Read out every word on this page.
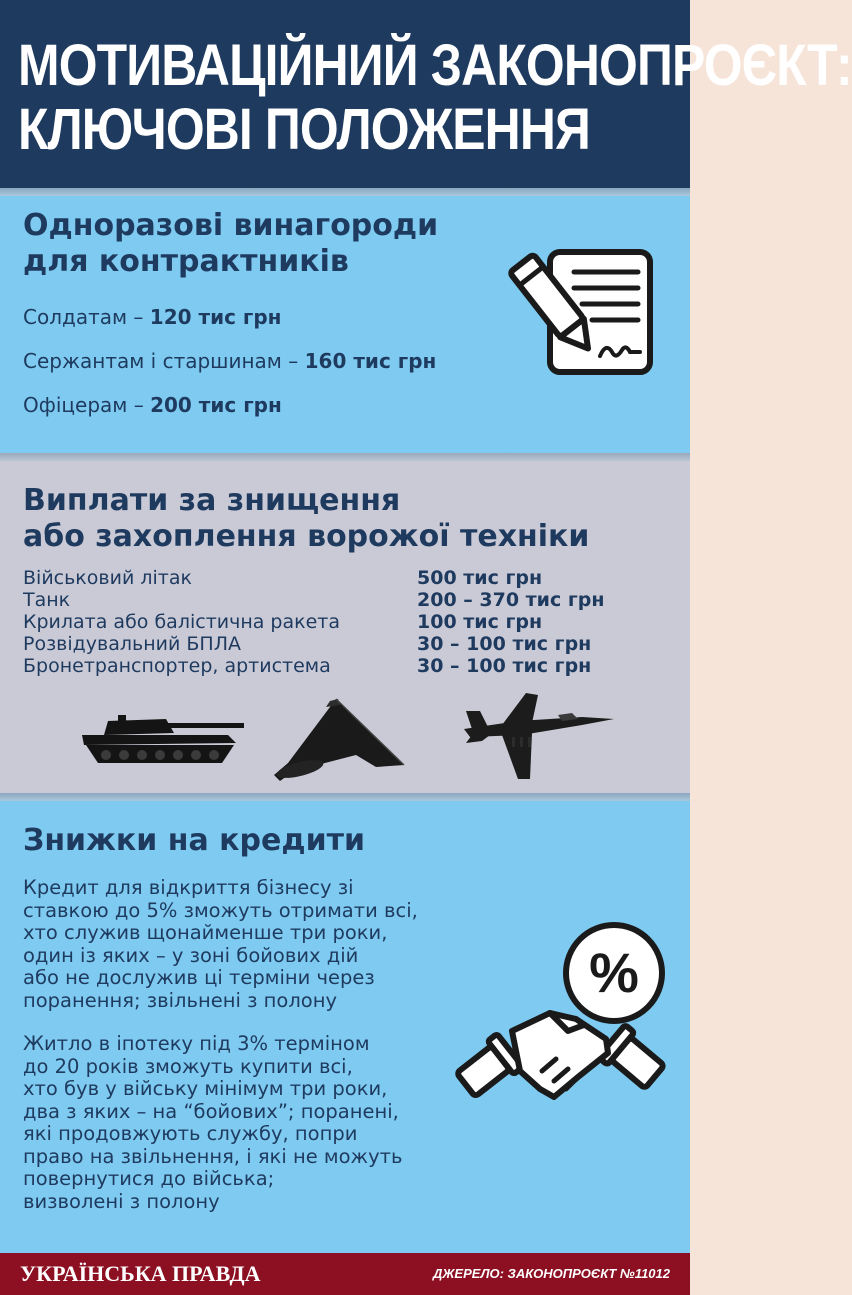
МОТИВАЦІЙНИЙ ЗАКОНОПРОЄКТ:
КЛЮЧОВІ ПОЛОЖЕННЯ
Одноразові винагороди
для контрактників
Солдатам – 120 тис грн
Сержантам і старшинам – 160 тис грн
Офіцерам – 200 тис грн
Виплати за знищення
або захоплення ворожої техніки
Військовий літак	500 тис грн
Танк	200 – 370 тис грн
Крилата або балістична ракета	100 тис грн
Розвідувальний БПЛА	30 – 100 тис грн
Бронетранспортер, артистема	30 – 100 тис грн
Знижки на кредити
Кредит для відкриття бізнесу зі
ставкою до 5% зможуть отримати всі,
хто служив щонайменше три роки,
один із яких – у зоні бойових дій
або не дослужив ці терміни через
поранення; звільнені з полону
Житло в іпотеку під 3% терміном
до 20 років зможуть купити всі,
хто був у війську мінімум три роки,
два з яких – на “бойових”; поранені,
які продовжують службу, попри
право на звільнення, і які не можуть
повернутися до війська;
визволені з полону
%
УКРАЇНСЬКА ПРАВДА	ДЖЕРЕЛО: ЗАКОНОПРОЄКТ №11012
